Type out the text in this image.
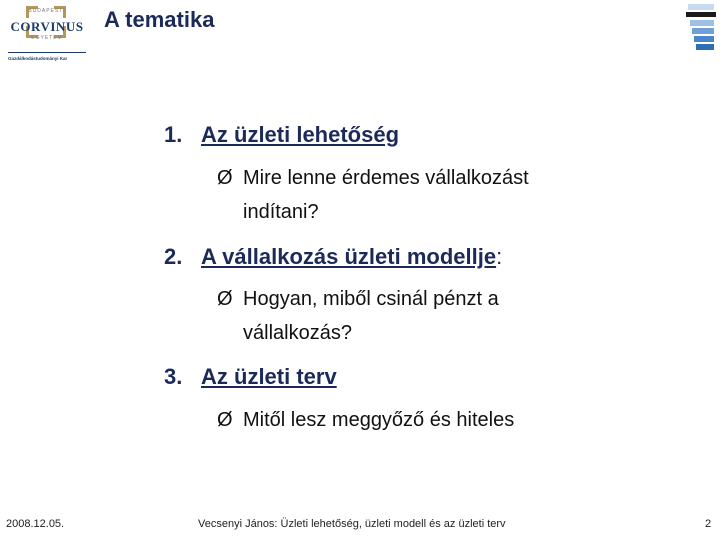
BUDAPESTI
CORVINUS
EGYETEM
Gazdálkodástudományi Kar
A tematika
1. Az üzleti lehetőség
Ø Mire lenne érdemes vállalkozást
indítani?
2. A vállalkozás üzleti modellje:
Ø Hogyan, miből csinál pénzt a
vállalkozás?
3. Az üzleti terv
Ø Mitől lesz meggyőző és hiteles
2008.12.05.	Vecsenyi János: Üzleti lehetőség, üzleti modell és az üzleti terv	2
